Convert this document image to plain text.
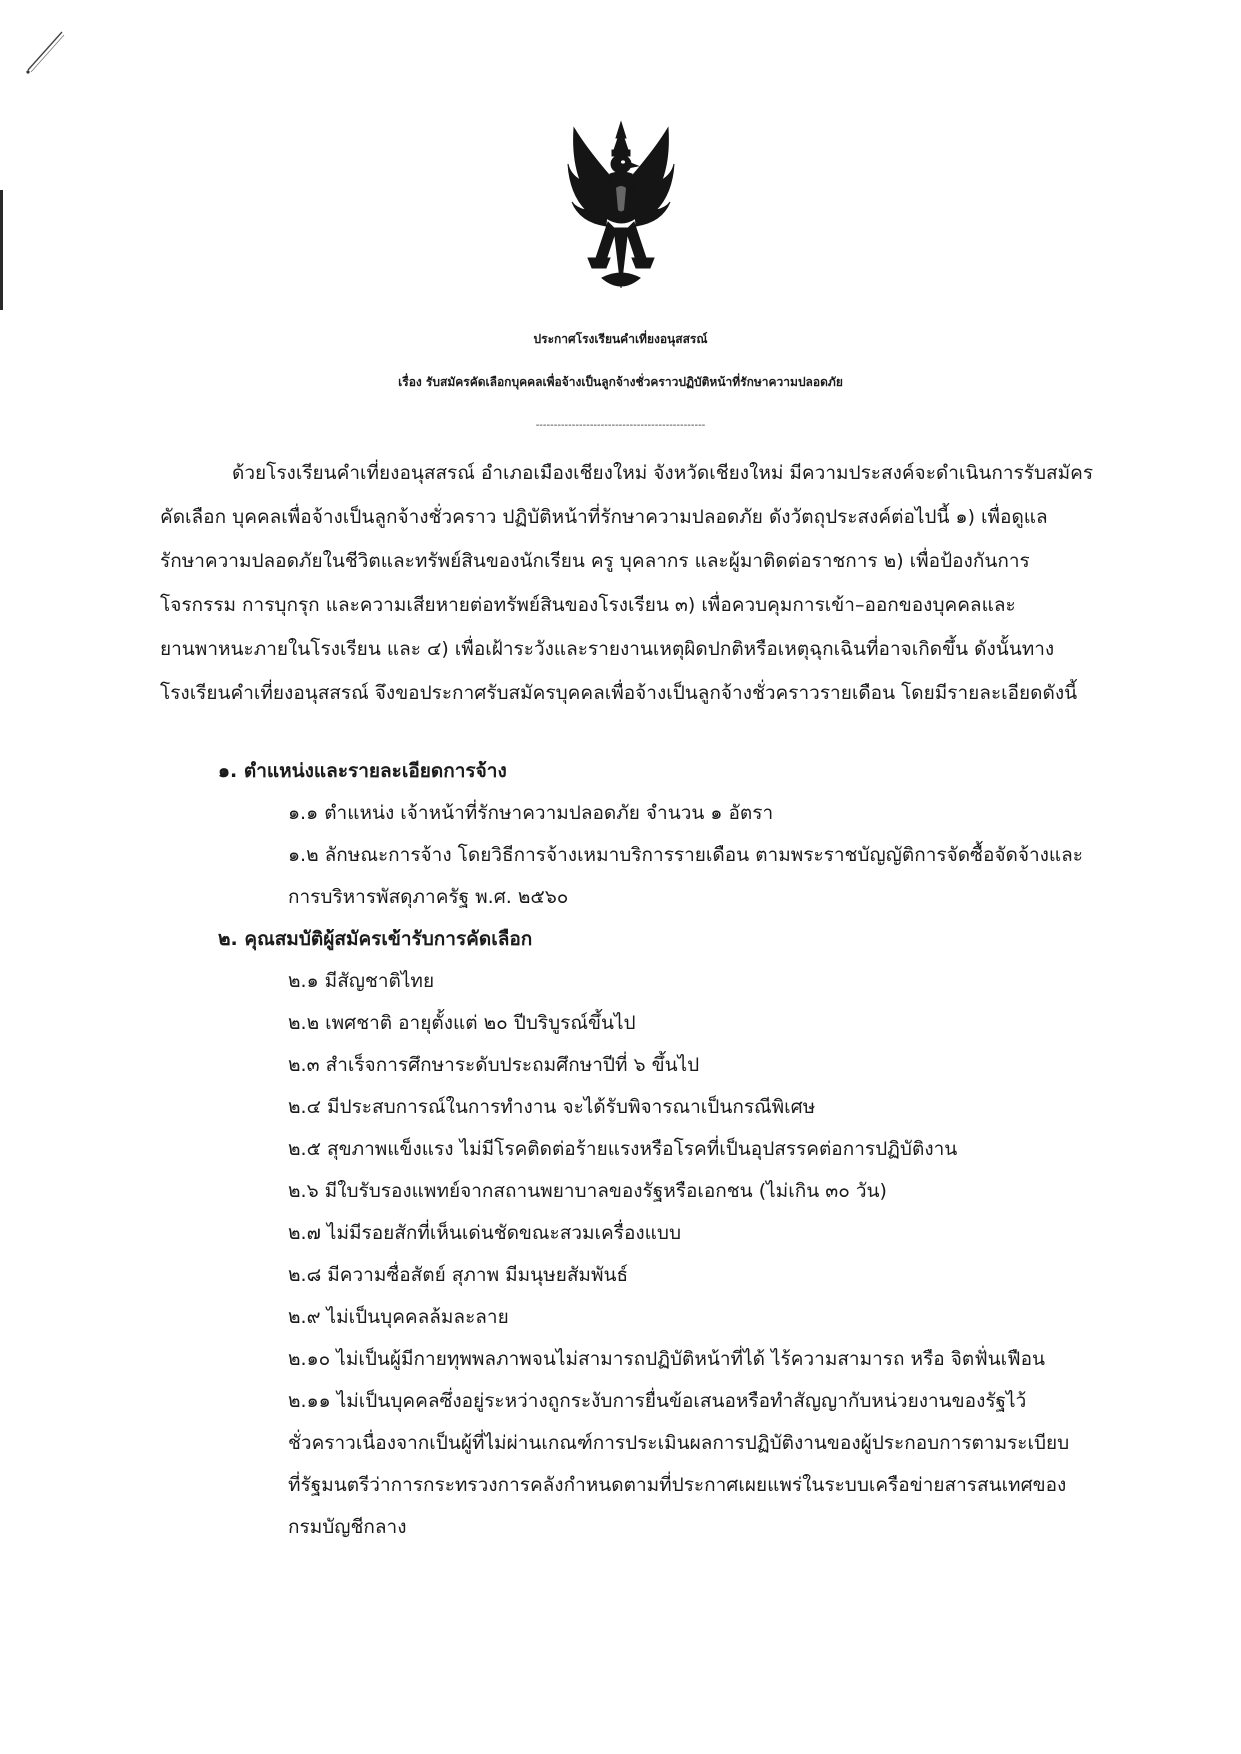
ประกาศโรงเรียนคำเที่ยงอนุสสรณ์
เรื่อง รับสมัครคัดเลือกบุคคลเพื่อจ้างเป็นลูกจ้างชั่วคราวปฏิบัติหน้าที่รักษาความปลอดภัย
-----------------------------------------------
ด้วยโรงเรียนคำเที่ยงอนุสสรณ์ อำเภอเมืองเชียงใหม่ จังหวัดเชียงใหม่ มีความประสงค์จะดำเนินการรับสมัคร
คัดเลือก บุคคลเพื่อจ้างเป็นลูกจ้างชั่วคราว ปฏิบัติหน้าที่รักษาความปลอดภัย ดังวัตถุประสงค์ต่อไปนี้ ๑) เพื่อดูแล
รักษาความปลอดภัยในชีวิตและทรัพย์สินของนักเรียน ครู บุคลากร และผู้มาติดต่อราชการ ๒) เพื่อป้องกันการ
โจรกรรม การบุกรุก และความเสียหายต่อทรัพย์สินของโรงเรียน ๓) เพื่อควบคุมการเข้า–ออกของบุคคลและ
ยานพาหนะภายในโรงเรียน และ ๔) เพื่อเฝ้าระวังและรายงานเหตุผิดปกติหรือเหตุฉุกเฉินที่อาจเกิดขึ้น ดังนั้นทาง
โรงเรียนคำเที่ยงอนุสสรณ์ จึงขอประกาศรับสมัครบุคคลเพื่อจ้างเป็นลูกจ้างชั่วคราวรายเดือน โดยมีรายละเอียดดังนี้
๑. ตำแหน่งและรายละเอียดการจ้าง
๑.๑ ตำแหน่ง เจ้าหน้าที่รักษาความปลอดภัย จำนวน ๑ อัตรา
๑.๒ ลักษณะการจ้าง โดยวิธีการจ้างเหมาบริการรายเดือน ตามพระราชบัญญัติการจัดซื้อจัดจ้างและ
การบริหารพัสดุภาครัฐ พ.ศ. ๒๕๖๐
๒. คุณสมบัติผู้สมัครเข้ารับการคัดเลือก
๒.๑ มีสัญชาติไทย
๒.๒ เพศชาติ อายุตั้งแต่ ๒๐ ปีบริบูรณ์ขึ้นไป
๒.๓ สำเร็จการศึกษาระดับประถมศึกษาปีที่ ๖ ขึ้นไป
๒.๔ มีประสบการณ์ในการทำงาน จะได้รับพิจารณาเป็นกรณีพิเศษ
๒.๕ สุขภาพแข็งแรง ไม่มีโรคติดต่อร้ายแรงหรือโรคที่เป็นอุปสรรคต่อการปฏิบัติงาน
๒.๖ มีใบรับรองแพทย์จากสถานพยาบาลของรัฐหรือเอกชน (ไม่เกิน ๓๐ วัน)
๒.๗ ไม่มีรอยสักที่เห็นเด่นชัดขณะสวมเครื่องแบบ
๒.๘ มีความซื่อสัตย์ สุภาพ มีมนุษยสัมพันธ์
๒.๙ ไม่เป็นบุคคลล้มละลาย
๒.๑๐ ไม่เป็นผู้มีกายทุพพลภาพจนไม่สามารถปฏิบัติหน้าที่ได้ ไร้ความสามารถ หรือ จิตฟั่นเฟือน
๒.๑๑ ไม่เป็นบุคคลซึ่งอยู่ระหว่างถูกระงับการยื่นข้อเสนอหรือทำสัญญากับหน่วยงานของรัฐไว้
ชั่วคราวเนื่องจากเป็นผู้ที่ไม่ผ่านเกณฑ์การประเมินผลการปฏิบัติงานของผู้ประกอบการตามระเบียบ
ที่รัฐมนตรีว่าการกระทรวงการคลังกำหนดตามที่ประกาศเผยแพร่ในระบบเครือข่ายสารสนเทศของ
กรมบัญชีกลาง
